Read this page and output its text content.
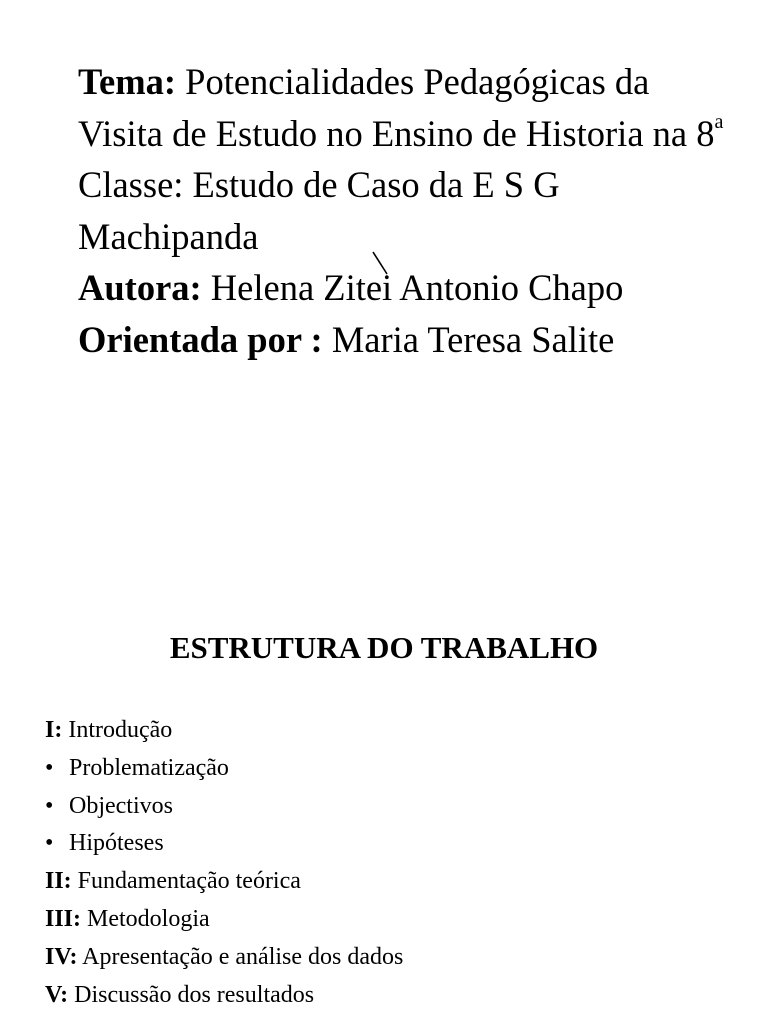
Tema: Potencialidades Pedagógicas da Visita de Estudo no Ensino de Historia na 8$^a$ Classe: Estudo de Caso da E S G Machipanda

Autora: Helena Zitei Antonio Chapo

Orientada por : Maria Teresa Salite

ESTRUTURA DO TRABALHO
I: Introdução
• Problematização
• Objectivos
• Hipóteses
II: Fundamentação teórica
III: Metodologia
IV: Apresentação e análise dos dados
V: Discussão dos resultados
